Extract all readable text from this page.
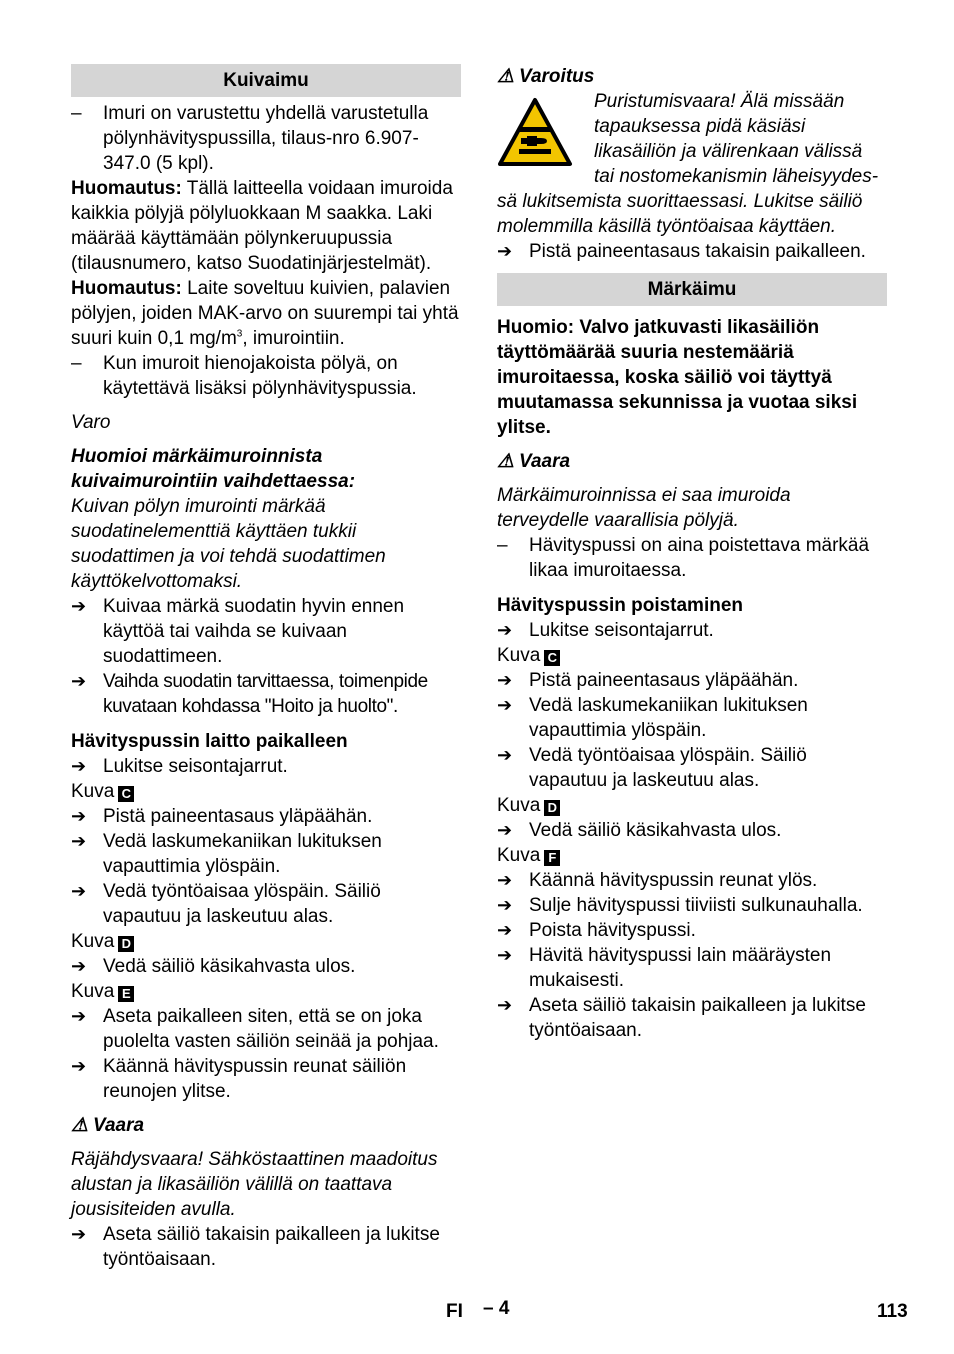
Kuivaimu
–	Imuri on varustettu yhdellä varustetulla pölynhävityspussilla, tilaus-nro 6.907-347.0 (5 kpl).

Huomautus: Tällä laitteella voidaan imuroida kaikkia pölyjä pölyluokkaan M saakka. Laki määrää käyttämään pölynkeruupussia (tilausnumero, katso Suodatinjärjestelmät).

Huomautus: Laite soveltuu kuivien, palavien pölyjen, joiden MAK-arvo on suurempi tai yhtä suuri kuin 0,1 $mg/m^3$, imurointiin.

–	Kun imuroit hienojakoista pölyä, on käytettävä lisäksi pölynhävityspussia.

Varo

Huomioi märkäimuroinnista kuivaimurointiin vaihdettaessa:

Kuivan pölyn imurointi märkää suodatinelementtiä käyttäen tukkii suodattimen ja voi tehdä suodattimen käyttökelvottomaksi.

➔ Kuivaa märkä suodatin hyvin ennen käyttöä tai vaihda se kuivaan suodattimeen.
➔ Vaihda suodatin tarvittaessa, toimenpide kuvataan kohdassa "Hoito ja huolto".

Hävityspussin laitto paikalleen

➔ Lukitse seisontajarrut.

Kuva C

➔ Pistä paineentasaus yläpäähän.
➔ Vedä laskumekaniikan lukituksen vapauttimia ylöspäin.
➔ Vedä työntöaisaa ylöspäin. Säiliö vapautuu ja laskeutuu alas.

Kuva D

➔ Vedä säiliö käsikahvasta ulos.

Kuva E

➔ Aseta paikalleen siten, että se on joka puolelta vasten säiliön seinää ja pohjaa.
➔ Käännä hävityspussin reunat säiliön reunojen ylitse.

⚠ Vaara

Räjähdysvaara! Sähköstaattinen maadoitus alustan ja likasäiliön välillä on taattava jousisiteiden avulla.

➔ Aseta säiliö takaisin paikalleen ja lukitse työntöaisaan.

⚠ Varoitus

Puristumisvaara! Älä missään tapauksessa pidä käsiäsi likasäiliön ja välirenkaan välissä tai nostomekanismin läheisyydes-

sä lukitsemista suorittaessasi. Lukitse säiliö molemmilla käsillä työntöaisaa käyttäen.

➔ Pistä paineentasaus takaisin paikalleen.
Märkäimu

Huomio: Valvo jatkuvasti likasäiliön täyttömäärää suuria nestemääriä imuroitaessa, koska säiliö voi täyttyä muutamassa sekunnissa ja vuotaa siksi ylitse.

⚠ Vaara

Märkäimuroinnissa ei saa imuroida terveydelle vaarallisia pölyjä.

–	Hävityspussi on aina poistettava märkää likaa imuroitaessa.

Hävityspussin poistaminen

➔ Lukitse seisontajarrut.

Kuva C

➔ Pistä paineentasaus yläpäähän.
➔ Vedä laskumekaniikan lukituksen vapauttimia ylöspäin.
➔ Vedä työntöaisaa ylöspäin. Säiliö vapautuu ja laskeutuu alas.

Kuva D

➔ Vedä säiliö käsikahvasta ulos.

Kuva F

➔ Käännä hävityspussin reunat ylös.
➔ Sulje hävityspussi tiiviisti sulkunauhalla.
➔ Poista hävityspussi.
➔ Hävitä hävityspussi lain määräysten mukaisesti.
➔ Aseta säiliö takaisin paikalleen ja lukitse työntöaisaan.
FI – 4	113
